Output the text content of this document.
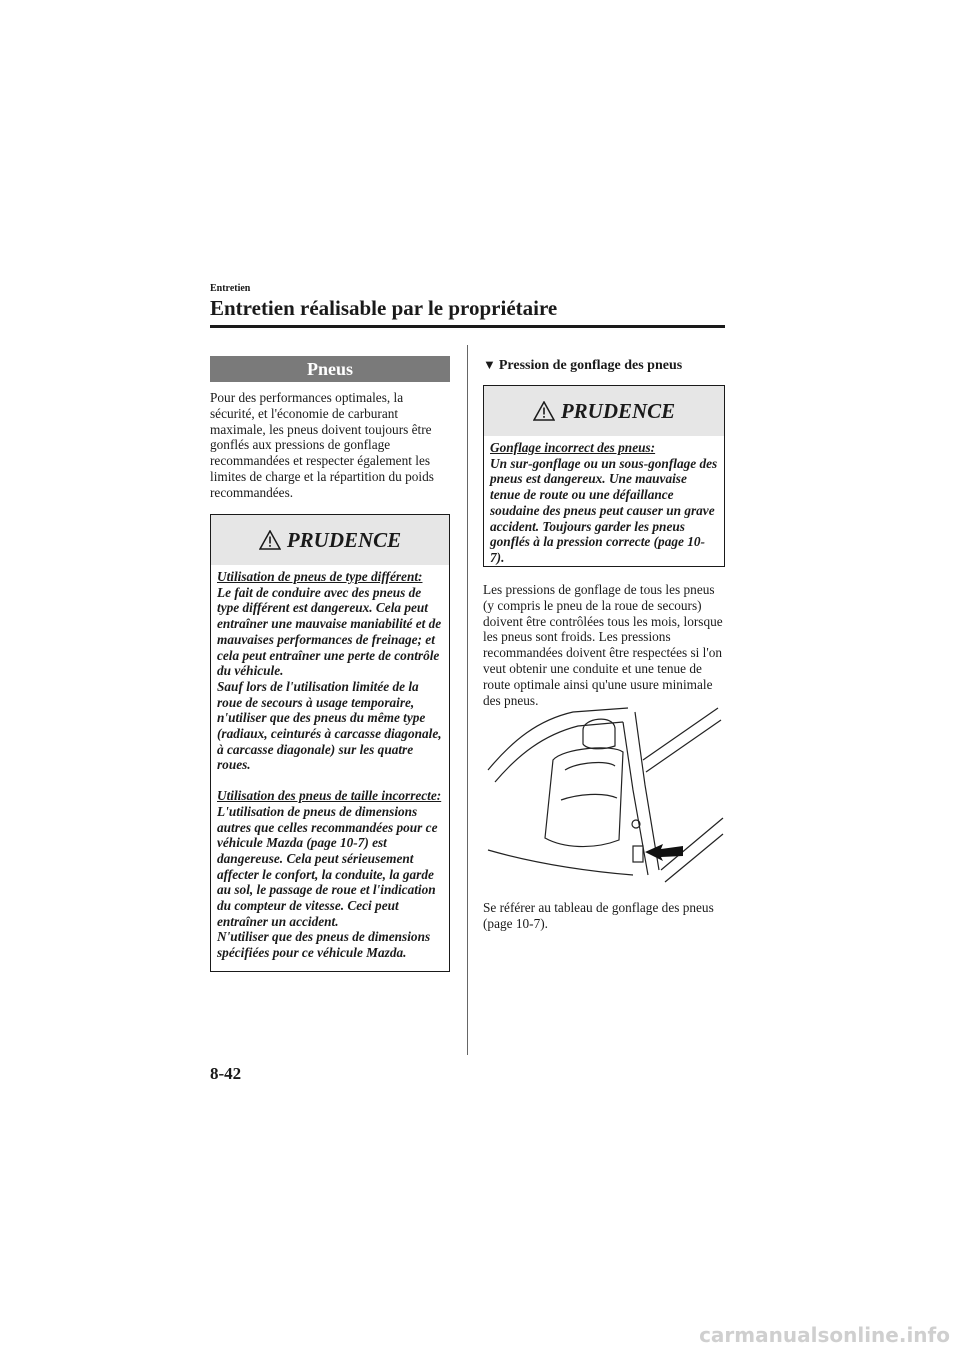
Entretien
Entretien réalisable par le propriétaire
Pneus
Pour des performances optimales, la sécurité, et l'économie de carburant maximale, les pneus doivent toujours être gonflés aux pressions de gonflage recommandées et respecter également les limites de charge et la répartition du poids recommandées.
PRUDENCE
Utilisation de pneus de type différent:
Le fait de conduire avec des pneus de type différent est dangereux. Cela peut entraîner une mauvaise maniabilité et de mauvaises performances de freinage; et cela peut entraîner une perte de contrôle du véhicule.
Sauf lors de l'utilisation limitée de la roue de secours à usage temporaire, n'utiliser que des pneus du même type (radiaux, ceinturés à carcasse diagonale, à carcasse diagonale) sur les quatre roues.
Utilisation des pneus de taille incorrecte:
L'utilisation de pneus de dimensions autres que celles recommandées pour ce véhicule Mazda (page 10-7) est dangereuse. Cela peut sérieusement affecter le confort, la conduite, la garde au sol, le passage de roue et l'indication du compteur de vitesse. Ceci peut entraîner un accident.
N'utiliser que des pneus de dimensions spécifiées pour ce véhicule Mazda.
▼ Pression de gonflage des pneus
PRUDENCE
Gonflage incorrect des pneus:
Un sur-gonflage ou un sous-gonflage des pneus est dangereux. Une mauvaise tenue de route ou une défaillance soudaine des pneus peut causer un grave accident. Toujours garder les pneus gonflés à la pression correcte (page 10-7).
Les pressions de gonflage de tous les pneus (y compris le pneu de la roue de secours) doivent être contrôlées tous les mois, lorsque les pneus sont froids. Les pressions recommandées doivent être respectées si l'on veut obtenir une conduite et une tenue de route optimale ainsi qu'une usure minimale des pneus.
Se référer au tableau de gonflage des pneus (page 10-7).
8-42
carmanualsonline.info
